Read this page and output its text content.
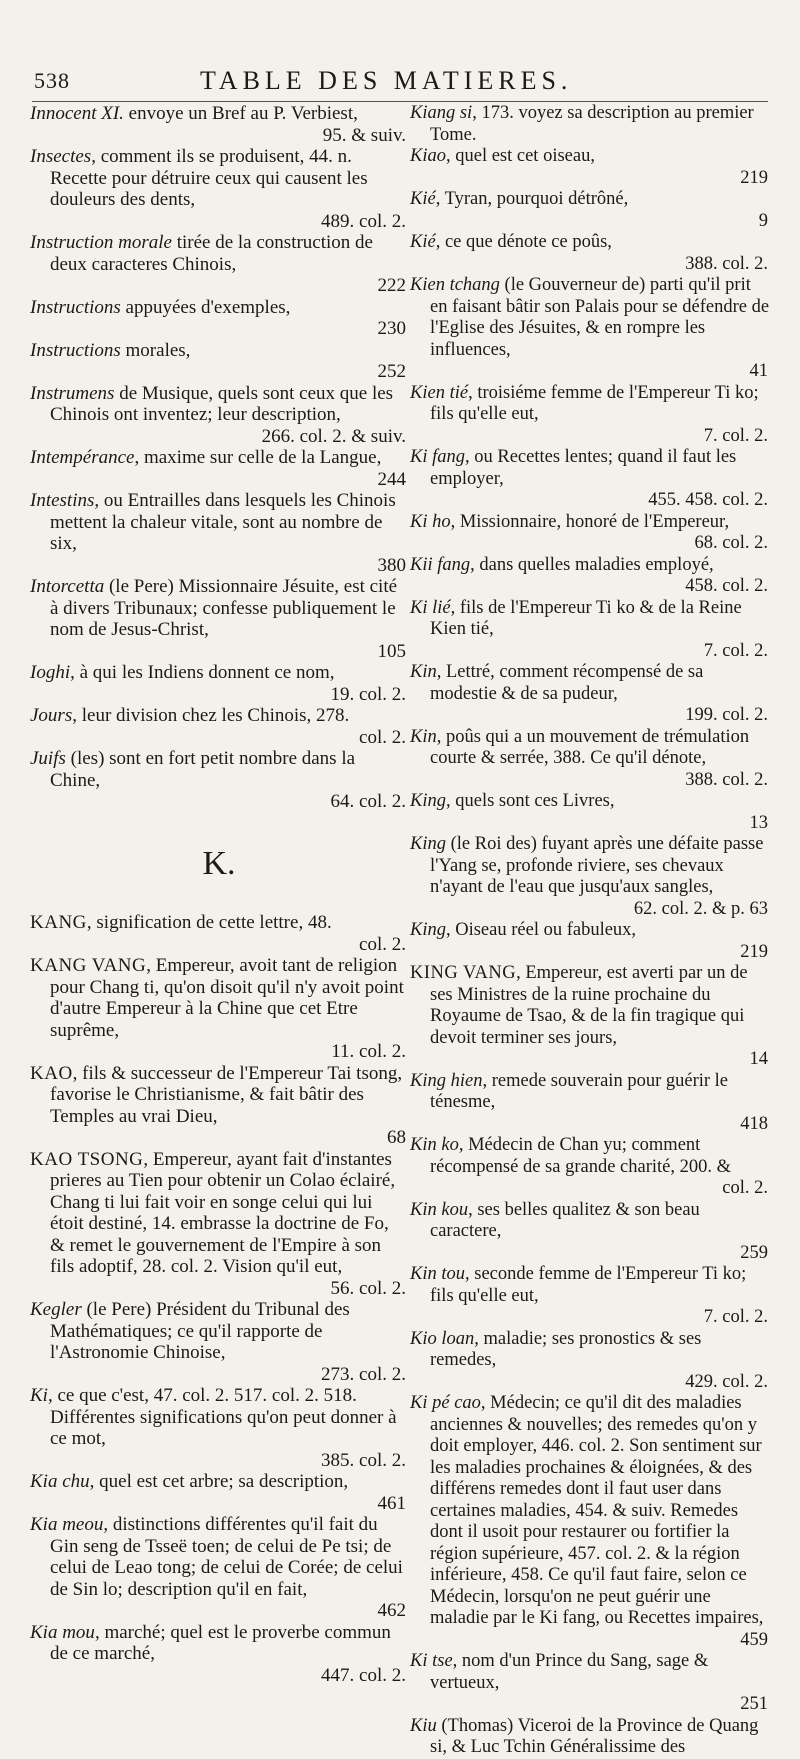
538	TABLE DES MATIERES.

Innocent XI. envoye un Bref au P. Verbiest,
95. & suiv.

Insectes, comment ils se produisent, 44. n. Recette pour détruire ceux qui causent les douleurs des dents,
489. col. 2.

Instruction morale tirée de la construction de deux caracteres Chinois,
222

Instructions appuyées d'exemples,
230

Instructions morales,
252

Instrumens de Musique, quels sont ceux que les Chinois ont inventez; leur description,
266. col. 2. & suiv.

Intempérance, maxime sur celle de la Langue,
244

Intestins, ou Entrailles dans lesquels les Chinois mettent la chaleur vitale, sont au nombre de six,
380

Intorcetta (le Pere) Missionnaire Jésuite, est cité à divers Tribunaux; confesse publiquement le nom de Jesus-Christ,
105

Ioghi, à qui les Indiens donnent ce nom,
19. col. 2.

Jours, leur division chez les Chinois, 278.
col. 2.

Juifs (les) sont en fort petit nombre dans la Chine,
64. col. 2.

K.

KANG, signification de cette lettre, 48.
col. 2.

KANG VANG, Empereur, avoit tant de religion pour Chang ti, qu'on disoit qu'il n'y avoit point d'autre Empereur à la Chine que cet Etre suprême,
11. col. 2.

KAO, fils & successeur de l'Empereur Tai tsong, favorise le Christianisme, & fait bâtir des Temples au vrai Dieu,
68

KAO TSONG, Empereur, ayant fait d'instantes prieres au Tien pour obtenir un Colao éclairé, Chang ti lui fait voir en songe celui qui lui étoit destiné, 14. embrasse la doctrine de Fo, & remet le gouvernement de l'Empire à son fils adoptif, 28. col. 2. Vision qu'il eut,
56. col. 2.

Kegler (le Pere) Président du Tribunal des Mathématiques; ce qu'il rapporte de l'Astronomie Chinoise,
273. col. 2.

Ki, ce que c'est, 47. col. 2. 517. col. 2. 518. Différentes significations qu'on peut donner à ce mot,
385. col. 2.

Kia chu, quel est cet arbre; sa description,
461

Kia meou, distinctions différentes qu'il fait du Gin seng de Tsseë toen; de celui de Pe tsi; de celui de Leao tong; de celui de Corée; de celui de Sin lo; description qu'il en fait,
462

Kia mou, marché; quel est le proverbe commun de ce marché,
447. col. 2.

Kiang si, 173. voyez sa description au premier Tome.

Kiao, quel est cet oiseau,
219

Kié, Tyran, pourquoi détrôné,
9

Kié, ce que dénote ce poûs,
388. col. 2.

Kien tchang (le Gouverneur de) parti qu'il prit en faisant bâtir son Palais pour se défendre de l'Eglise des Jésuites, & en rompre les influences,
41

Kien tié, troisiéme femme de l'Empereur Ti ko; fils qu'elle eut,
7. col. 2.

Ki fang, ou Recettes lentes; quand il faut les employer,
455. 458. col. 2.

Ki ho, Missionnaire, honoré de l'Empereur,
68. col. 2.

Kii fang, dans quelles maladies employé,
458. col. 2.

Ki lié, fils de l'Empereur Ti ko & de la Reine Kien tié,
7. col. 2.

Kin, Lettré, comment récompensé de sa modestie & de sa pudeur,
199. col. 2.

Kin, poûs qui a un mouvement de trémulation courte & serrée, 388. Ce qu'il dénote,
388. col. 2.

King, quels sont ces Livres,
13

King (le Roi des) fuyant après une défaite passe l'Yang se, profonde riviere, ses chevaux n'ayant de l'eau que jusqu'aux sangles,
62. col. 2. & p. 63

King, Oiseau réel ou fabuleux,
219

KING VANG, Empereur, est averti par un de ses Ministres de la ruine prochaine du Royaume de Tsao, & de la fin tragique qui devoit terminer ses jours,
14

King hien, remede souverain pour guérir le ténesme,
418

Kin ko, Médecin de Chan yu; comment récompensé de sa grande charité, 200. &
col. 2.

Kin kou, ses belles qualitez & son beau caractere,
259

Kin tou, seconde femme de l'Empereur Ti ko; fils qu'elle eut,
7. col. 2.

Kio loan, maladie; ses pronostics & ses remedes,
429. col. 2.

Ki pé cao, Médecin; ce qu'il dit des maladies anciennes & nouvelles; des remedes qu'on y doit employer, 446. col. 2. Son sentiment sur les maladies prochaines & éloignées, & des différens remedes dont il faut user dans certaines maladies, 454. & suiv. Remedes dont il usoit pour restaurer ou fortifier la région supérieure, 457. col. 2. & la région inférieure, 458. Ce qu'il faut faire, selon ce Médecin, lorsqu'on ne peut guérir une maladie par le Ki fang, ou Recettes impaires,
459

Ki tse, nom d'un Prince du Sang, sage & vertueux,
251

Kiu (Thomas) Viceroi de la Province de Quang si, & Luc Tchin Généralissime des
